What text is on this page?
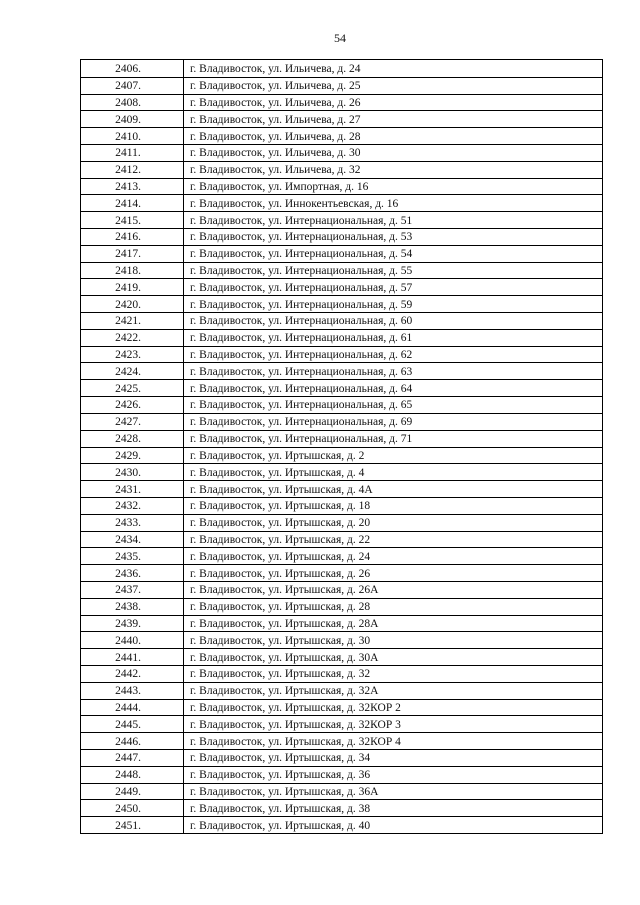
54
2406.	г. Владивосток, ул. Ильичева, д. 24
2407.	г. Владивосток, ул. Ильичева, д. 25
2408.	г. Владивосток, ул. Ильичева, д. 26
2409.	г. Владивосток, ул. Ильичева, д. 27
2410.	г. Владивосток, ул. Ильичева, д. 28
2411.	г. Владивосток, ул. Ильичева, д. 30
2412.	г. Владивосток, ул. Ильичева, д. 32
2413.	г. Владивосток, ул. Импортная, д. 16
2414.	г. Владивосток, ул. Иннокентьевская, д. 16
2415.	г. Владивосток, ул. Интернациональная, д. 51
2416.	г. Владивосток, ул. Интернациональная, д. 53
2417.	г. Владивосток, ул. Интернациональная, д. 54
2418.	г. Владивосток, ул. Интернациональная, д. 55
2419.	г. Владивосток, ул. Интернациональная, д. 57
2420.	г. Владивосток, ул. Интернациональная, д. 59
2421.	г. Владивосток, ул. Интернациональная, д. 60
2422.	г. Владивосток, ул. Интернациональная, д. 61
2423.	г. Владивосток, ул. Интернациональная, д. 62
2424.	г. Владивосток, ул. Интернациональная, д. 63
2425.	г. Владивосток, ул. Интернациональная, д. 64
2426.	г. Владивосток, ул. Интернациональная, д. 65
2427.	г. Владивосток, ул. Интернациональная, д. 69
2428.	г. Владивосток, ул. Интернациональная, д. 71
2429.	г. Владивосток, ул. Иртышская, д. 2
2430.	г. Владивосток, ул. Иртышская, д. 4
2431.	г. Владивосток, ул. Иртышская, д. 4А
2432.	г. Владивосток, ул. Иртышская, д. 18
2433.	г. Владивосток, ул. Иртышская, д. 20
2434.	г. Владивосток, ул. Иртышская, д. 22
2435.	г. Владивосток, ул. Иртышская, д. 24
2436.	г. Владивосток, ул. Иртышская, д. 26
2437.	г. Владивосток, ул. Иртышская, д. 26А
2438.	г. Владивосток, ул. Иртышская, д. 28
2439.	г. Владивосток, ул. Иртышская, д. 28А
2440.	г. Владивосток, ул. Иртышская, д. 30
2441.	г. Владивосток, ул. Иртышская, д. 30А
2442.	г. Владивосток, ул. Иртышская, д. 32
2443.	г. Владивосток, ул. Иртышская, д. 32А
2444.	г. Владивосток, ул. Иртышская, д. 32КОР 2
2445.	г. Владивосток, ул. Иртышская, д. 32КОР 3
2446.	г. Владивосток, ул. Иртышская, д. 32КОР 4
2447.	г. Владивосток, ул. Иртышская, д. 34
2448.	г. Владивосток, ул. Иртышская, д. 36
2449.	г. Владивосток, ул. Иртышская, д. 36А
2450.	г. Владивосток, ул. Иртышская, д. 38
2451.	г. Владивосток, ул. Иртышская, д. 40
